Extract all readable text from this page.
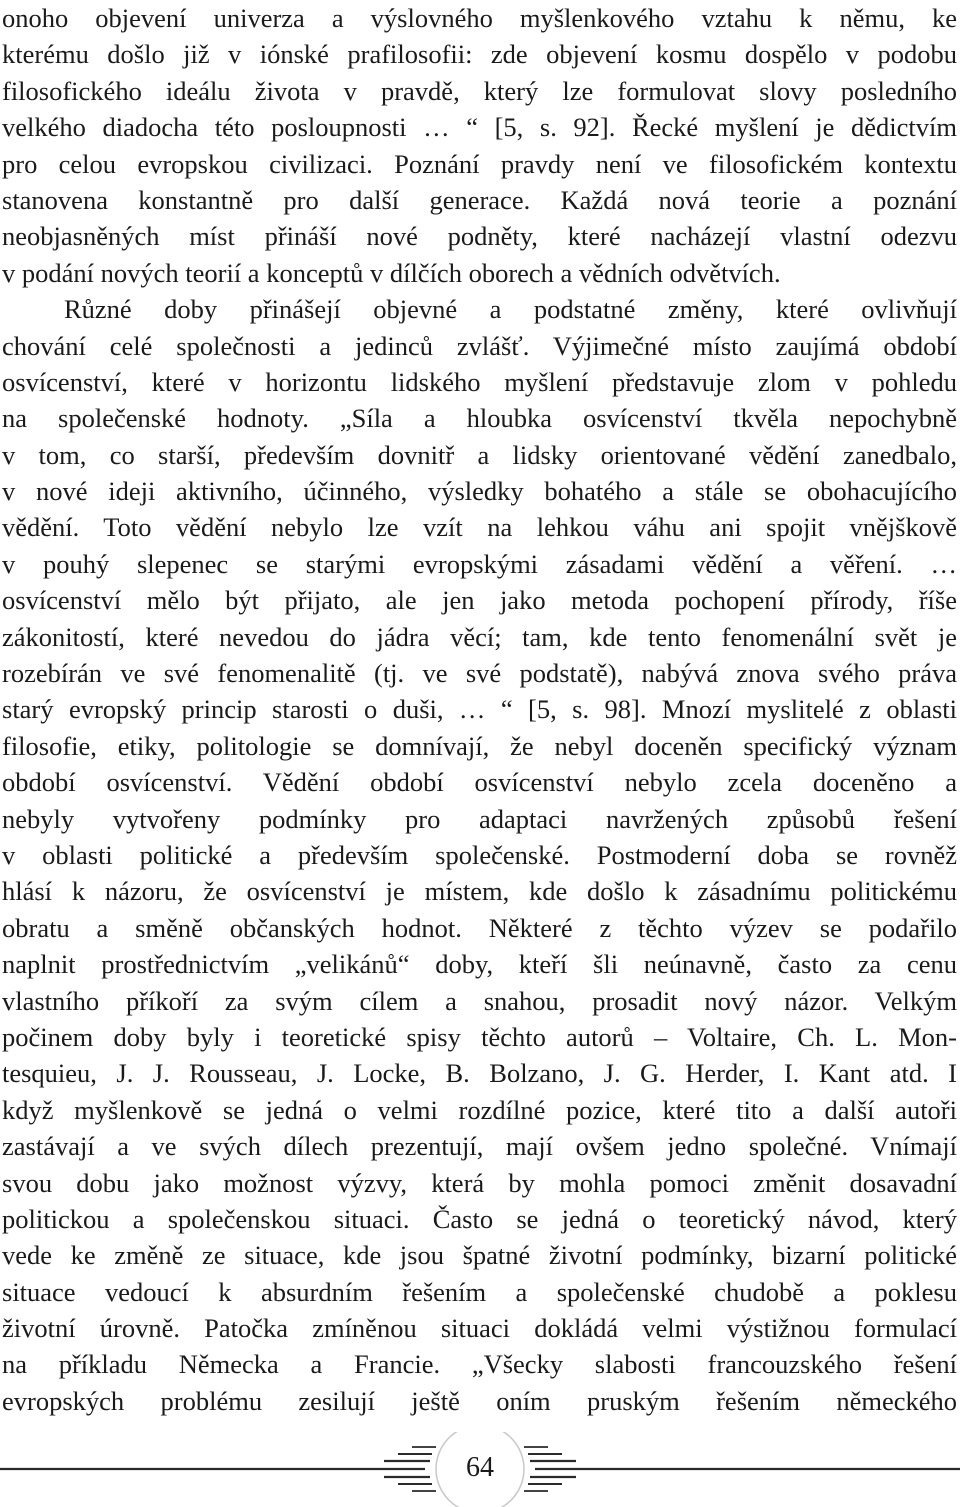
onoho objevení univerza a výslovného myšlenkového vztahu k němu, ke
kterému došlo již v iónské prafilosofii: zde objevení kosmu dospělo v podobu
filosofického ideálu života v pravdě, který lze formulovat slovy posledního
velkého diadocha této posloupnosti … “ [5, s. 92]. Řecké myšlení je dědictvím
pro celou evropskou civilizaci. Poznání pravdy není ve filosofickém kontextu
stanovena konstantně pro další generace. Každá nová teorie a poznání
neobjasněných míst přináší nové podněty, které nacházejí vlastní odezvu
v podání nových teorií a konceptů v dílčích oborech a vědních odvětvích.
Různé doby přinášejí objevné a podstatné změny, které ovlivňují
chování celé společnosti a jedinců zvlášť. Výjimečné místo zaujímá období
osvícenství, které v horizontu lidského myšlení představuje zlom v pohledu
na společenské hodnoty. „Síla a hloubka osvícenství tkvěla nepochybně
v tom, co starší, především dovnitř a lidsky orientované vědění zanedbalo,
v nové ideji aktivního, účinného, výsledky bohatého a stále se obohacujícího
vědění. Toto vědění nebylo lze vzít na lehkou váhu ani spojit vnějškově
v pouhý slepenec se starými evropskými zásadami vědění a věření. …
osvícenství mělo být přijato, ale jen jako metoda pochopení přírody, říše
zákonitostí, které nevedou do jádra věcí; tam, kde tento fenomenální svět je
rozebírán ve své fenomenalitě (tj. ve své podstatě), nabývá znova svého práva
starý evropský princip starosti o duši, … “ [5, s. 98]. Mnozí myslitelé z oblasti
filosofie, etiky, politologie se domnívají, že nebyl doceněn specifický význam
období osvícenství. Vědění období osvícenství nebylo zcela doceněno a
nebyly vytvořeny podmínky pro adaptaci navržených způsobů řešení
v oblasti politické a především společenské. Postmoderní doba se rovněž
hlásí k názoru, že osvícenství je místem, kde došlo k zásadnímu politickému
obratu a směně občanských hodnot. Některé z těchto výzev se podařilo
naplnit prostřednictvím „velikánů“ doby, kteří šli neúnavně, často za cenu
vlastního příkoří za svým cílem a snahou, prosadit nový názor. Velkým
počinem doby byly i teoretické spisy těchto autorů – Voltaire, Ch. L. Mon-
tesquieu, J. J. Rousseau, J. Locke, B. Bolzano, J. G. Herder, I. Kant atd. I
když myšlenkově se jedná o velmi rozdílné pozice, které tito a další autoři
zastávají a ve svých dílech prezentují, mají ovšem jedno společné. Vnímají
svou dobu jako možnost výzvy, která by mohla pomoci změnit dosavadní
politickou a společenskou situaci. Často se jedná o teoretický návod, který
vede ke změně ze situace, kde jsou špatné životní podmínky, bizarní politické
situace vedoucí k absurdním řešením a společenské chudobě a poklesu
životní úrovně. Patočka zmíněnou situaci dokládá velmi výstižnou formulací
na příkladu Německa a Francie. „Všecky slabosti francouzského řešení
evropských problému zesilují ještě oním pruským řešením německého
64
